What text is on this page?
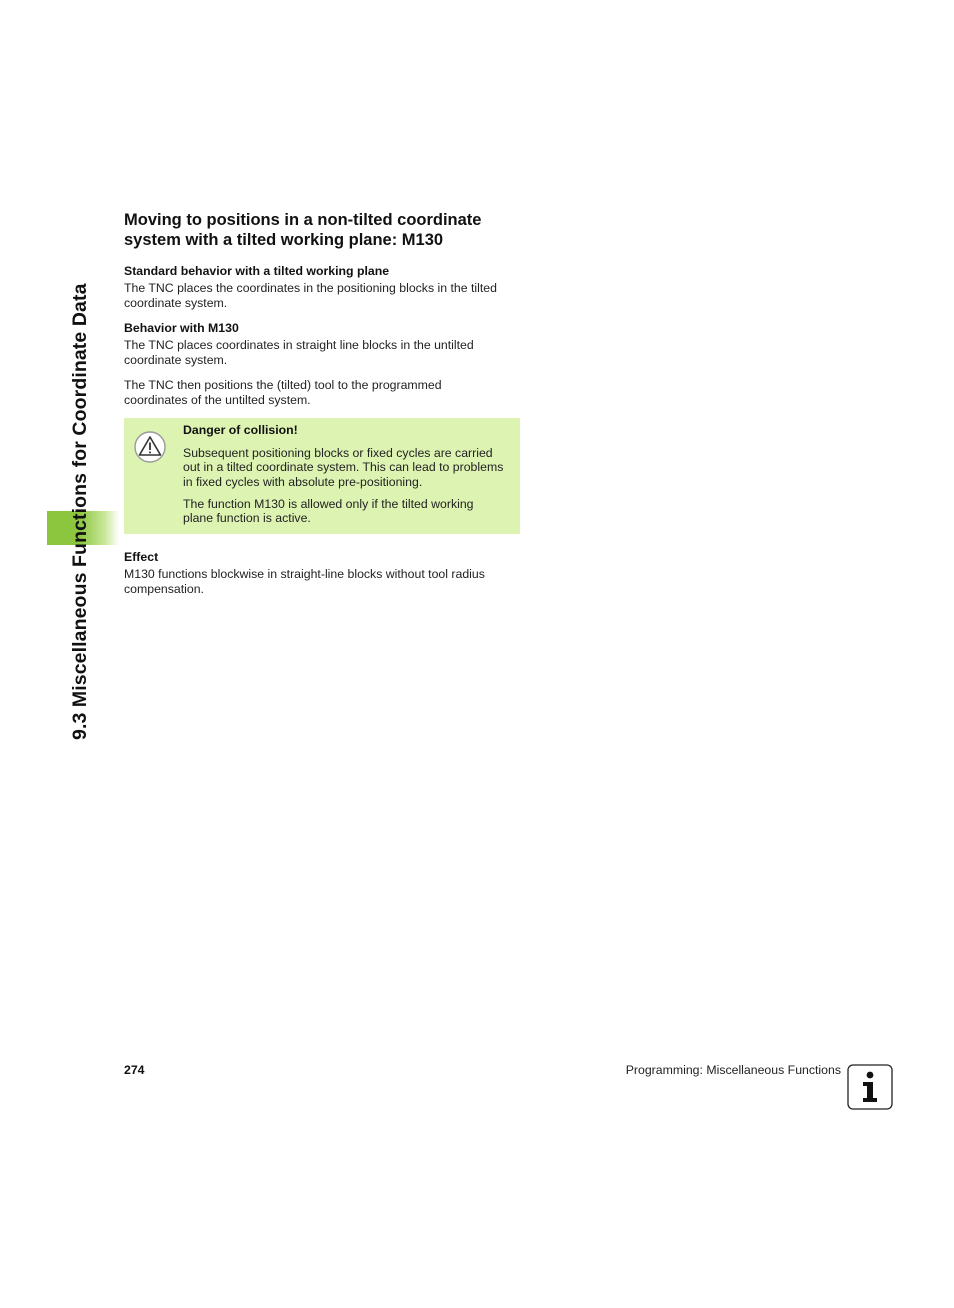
9.3 Miscellaneous Functions for Coordinate Data
Moving to positions in a non-tilted coordinate
system with a tilted working plane: M130
Standard behavior with a tilted working plane

The TNC places the coordinates in the positioning blocks in the tilted
coordinate system.

Behavior with M130

The TNC places coordinates in straight line blocks in the untilted
coordinate system.

The TNC then positions the (tilted) tool to the programmed
coordinates of the untilted system.

Danger of collision!

Subsequent positioning blocks or fixed cycles are carried
out in a tilted coordinate system. This can lead to problems
in fixed cycles with absolute pre-positioning.

The function M130 is allowed only if the tilted working
plane function is active.

Effect

M130 functions blockwise in straight-line blocks without tool radius
compensation.

274	Programming: Miscellaneous Functions
